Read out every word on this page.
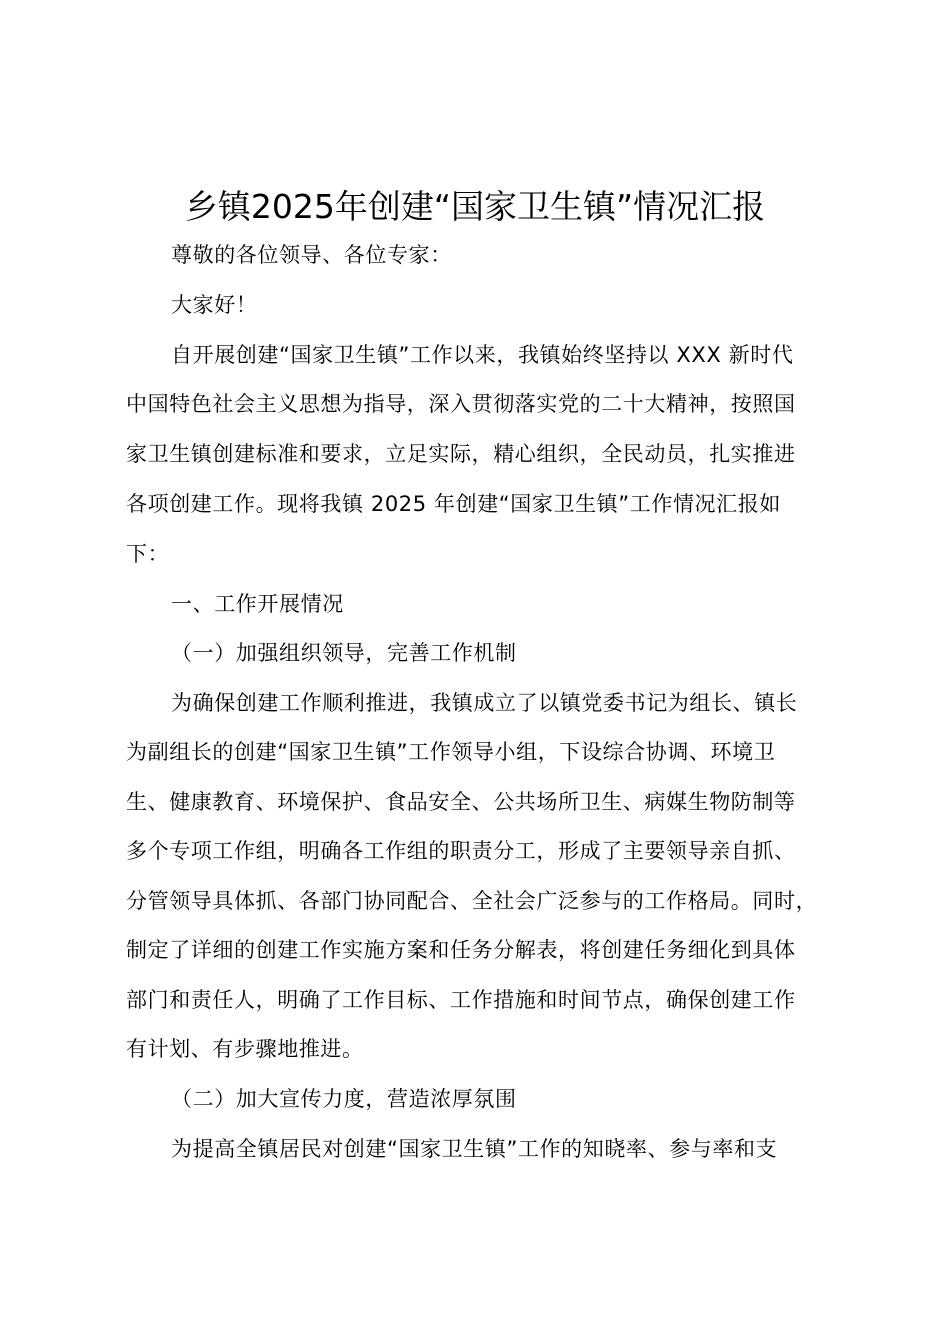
乡镇2025年创建“国家卫生镇”情况汇报
尊敬的各位领导、各位专家：
大家好！
自开展创建“国家卫生镇”工作以来，我镇始终坚持以 XXX 新时代
中国特色社会主义思想为指导，深入贯彻落实党的二十大精神，按照国
家卫生镇创建标准和要求，立足实际，精心组织，全民动员，扎实推进
各项创建工作。现将我镇 2025 年创建“国家卫生镇”工作情况汇报如
下：
一、工作开展情况
（一）加强组织领导，完善工作机制
为确保创建工作顺利推进，我镇成立了以镇党委书记为组长、镇长
为副组长的创建“国家卫生镇”工作领导小组，下设综合协调、环境卫
生、健康教育、环境保护、食品安全、公共场所卫生、病媒生物防制等
多个专项工作组，明确各工作组的职责分工，形成了主要领导亲自抓、
分管领导具体抓、各部门协同配合、全社会广泛参与的工作格局。同时，
制定了详细的创建工作实施方案和任务分解表，将创建任务细化到具体
部门和责任人，明确了工作目标、工作措施和时间节点，确保创建工作
有计划、有步骤地推进。
（二）加大宣传力度，营造浓厚氛围
为提高全镇居民对创建“国家卫生镇”工作的知晓率、参与率和支
